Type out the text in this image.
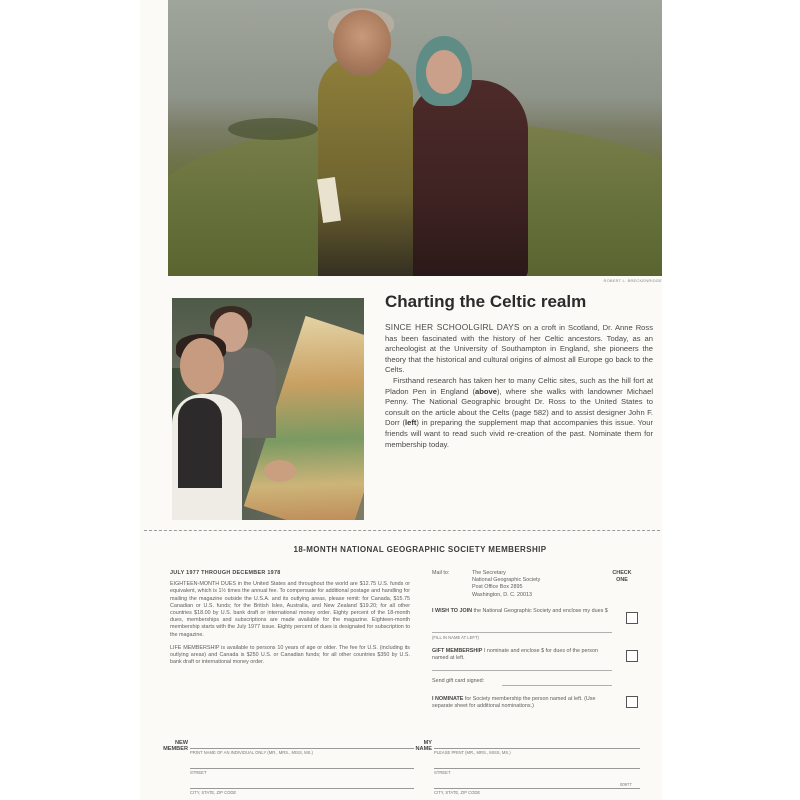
ROBERT L. BRECKENRIDGE
Charting the Celtic realm

SINCE HER SCHOOLGIRL DAYS on a croft in Scotland, Dr. Anne Ross has been fascinated with the history of her Celtic ancestors. Today, as an archeologist at the University of Southampton in England, she pioneers the theory that the historical and cultural origins of almost all Europe go back to the Celts.

Firsthand research has taken her to many Celtic sites, such as the hill fort at Pladon Pen in England (above), where she walks with landowner Michael Penny. The National Geographic brought Dr. Ross to the United States to consult on the article about the Celts (page 582) and to assist designer John F. Dorr (left) in preparing the supplement map that accompanies this issue. Your friends will want to read such vivid re-creation of the past. Nominate them for membership today.

18-MONTH NATIONAL GEOGRAPHIC SOCIETY MEMBERSHIP
JULY 1977 THROUGH DECEMBER 1978

EIGHTEEN-MONTH DUES in the United States and throughout the world are $12.75 U.S. funds or equivalent, which is 1½ times the annual fee. To compensate for additional postage and handling for mailing the magazine outside the U.S.A. and its outlying areas, please remit: for Canada, $15.75 Canadian or U.S. funds; for the British Isles, Australia, and New Zealand $19.20; for all other countries $18.00 by U.S. bank draft or international money order. Eighty percent of the 18-month dues, memberships and subscriptions are made available for the magazine. Eighteen-month membership starts with the July 1977 issue. Eighty percent of dues is designated for subscription to the magazine.

LIFE MEMBERSHIP is available to persons 10 years of age or older. The fee for U.S. (including its outlying areas) and Canada is $250 U.S. or Canadian funds; for all other countries $350 by U.S. bank draft or international money order.

Mail to:	The Secretary
National Geographic Society
Post Office Box 2895
Washington, D. C. 20013
CHECK
ONE
I WISH TO JOIN the National Geographic Society and enclose my dues $
(FILL IN NAME AT LEFT)
GIFT MEMBERSHIP I nominate and enclose $ for dues of the person named at left.
Send gift card signed:
I NOMINATE for Society membership the person named at left. (Use separate sheet for additional nominations.)
NEW
MEMBER
PRINT NAME OF AN INDIVIDUAL ONLY (MR., MRS., MISS, MS.)
STREET
CITY, STATE, ZIP CODE
MY
NAME
PLEASE PRINT (MR., MRS., MISS, MS.)
STREET
CITY, STATE, ZIP CODE
00977
